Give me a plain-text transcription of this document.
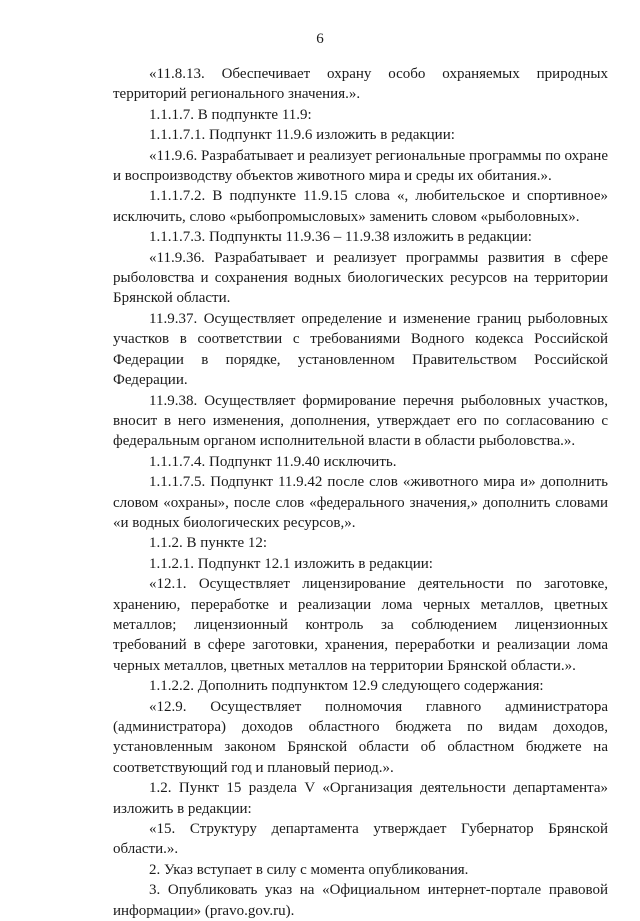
6

«11.8.13. Обеспечивает охрану особо охраняемых природных территорий регионального значения.».

1.1.1.7. В подпункте 11.9:

1.1.1.7.1. Подпункт 11.9.6 изложить в редакции:

«11.9.6. Разрабатывает и реализует региональные программы по охране и воспроизводству объектов животного мира и среды их обитания.».

1.1.1.7.2. В подпункте 11.9.15 слова «, любительское и спортивное» исключить, слово «рыбопромысловых» заменить словом «рыболовных».

1.1.1.7.3. Подпункты 11.9.36 – 11.9.38 изложить в редакции:

«11.9.36. Разрабатывает и реализует программы развития в сфере рыболовства и сохранения водных биологических ресурсов на территории Брянской области.

11.9.37. Осуществляет определение и изменение границ рыболовных участков в соответствии с требованиями Водного кодекса Российской Федерации в порядке, установленном Правительством Российской Федерации.

11.9.38. Осуществляет формирование перечня рыболовных участков, вносит в него изменения, дополнения, утверждает его по согласованию с федеральным органом исполнительной власти в области рыболовства.».

1.1.1.7.4. Подпункт 11.9.40 исключить.

1.1.1.7.5. Подпункт 11.9.42 после слов «животного мира и» дополнить словом «охраны», после слов «федерального значения,» дополнить словами «и водных биологических ресурсов,».

1.1.2. В пункте 12:

1.1.2.1. Подпункт 12.1 изложить в редакции:

«12.1. Осуществляет лицензирование деятельности по заготовке, хранению, переработке и реализации лома черных металлов, цветных металлов; лицензионный контроль за соблюдением лицензионных требований в сфере заготовки, хранения, переработки и реализации лома черных металлов, цветных металлов на территории Брянской области.».

1.1.2.2. Дополнить подпунктом 12.9 следующего содержания:

«12.9. Осуществляет полномочия главного администратора (администратора) доходов областного бюджета по видам доходов, установленным законом Брянской области об областном бюджете на соответствующий год и плановый период.».

1.2. Пункт 15 раздела V «Организация деятельности департамента» изложить в редакции:

«15. Структуру департамента утверждает Губернатор Брянской области.».

2. Указ вступает в силу с момента опубликования.

3. Опубликовать указ на «Официальном интернет-портале правовой информации» (pravo.gov.ru).
